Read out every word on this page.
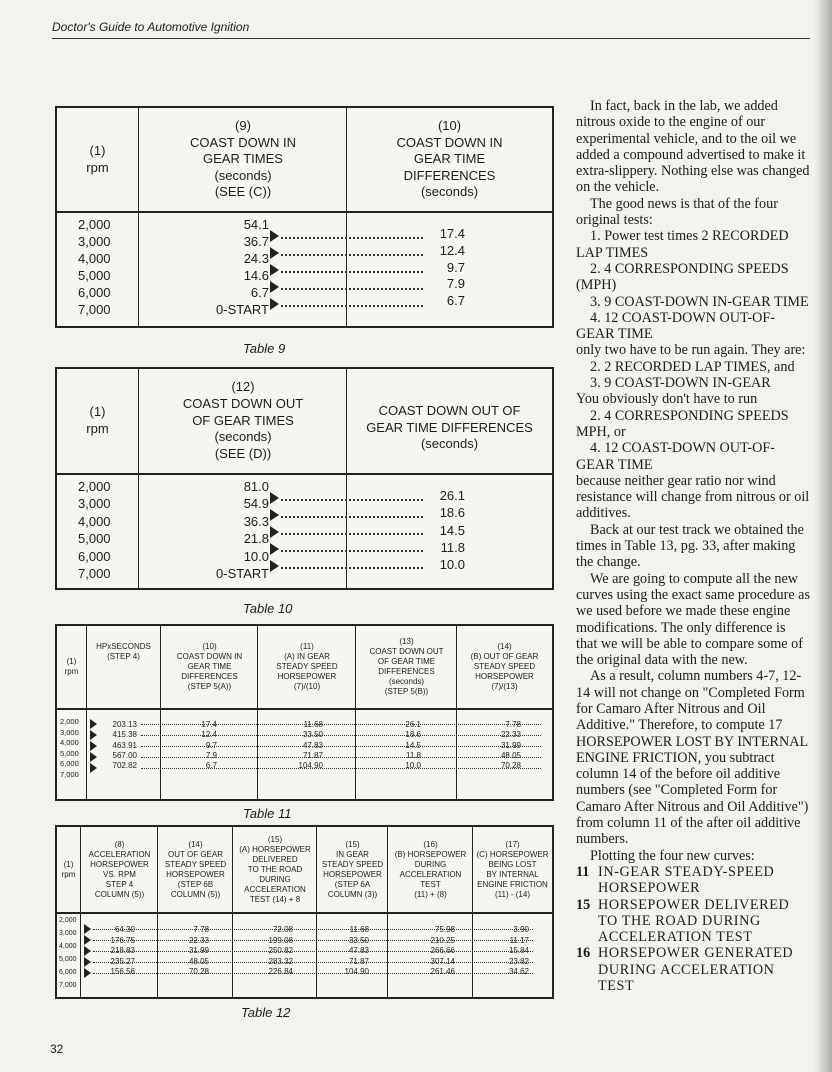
Doctor's Guide to Automotive Ignition
(1)
rpm
(9)
COAST DOWN IN
GEAR TIMES
(seconds)
(SEE (C))
(10)
COAST DOWN IN
GEAR TIME
DIFFERENCES
(seconds)
2,000
3,000
4,000
5,000
6,000
7,000
54.1
36.7
24.3
14.6
6.7
0-START
17.4
12.4
9.7
7.9
6.7
Table 9
(1)
rpm
(12)
COAST DOWN OUT
OF GEAR TIMES
(seconds)
(SEE (D))
COAST DOWN OUT OF
GEAR TIME DIFFERENCES
(seconds)
2,000
3,000
4,000
5,000
6,000
7,000
81.0
54.9
36.3
21.8
10.0
0-START
26.1
18.6
14.5
11.8
10.0
Table 10
(1)
rpm
HPxSECONDS
(STEP 4)
(10)
COAST DOWN IN
GEAR TIME
DIFFERENCES
(STEP 5(A))
(11)
(A) IN GEAR
STEADY SPEED
HORSEPOWER
(7)/(10)
(13)
COAST DOWN OUT
OF GEAR TIME
DIFFERENCES
(seconds)
(STEP 5(B))
(14)
(B) OUT OF GEAR
STEADY SPEED
HORSEPOWER
(7)/(13)
2,000
3,000
4,000
5,000
6,000
7,000
203.13
415.38
463.91
567.00
702.82
17.4
12.4
9.7
7.9
6.7
11.68
33.50
47.83
71.87
104.90
26.1
18.6
14.5
11.8
10.0
7.78
22.33
31.99
48.05
70.28
Table 11
(1)
rpm
(8)
ACCELERATION
HORSEPOWER
VS. RPM
STEP 4
COLUMN (5))
(14)
OUT OF GEAR
STEADY SPEED
HORSEPOWER
(STEP 6B
COLUMN (5))
(15)
(A) HORSEPOWER
DELIVERED
TO THE ROAD
DURING
ACCELERATION
TEST (14) + 8
(15)
IN GEAR
STEADY SPEED
HORSEPOWER
(STEP 6A
COLUMN (3))
(16)
(B) HORSEPOWER
DURING
ACCELERATION
TEST
(11) + (8)
(17)
(C) HORSEPOWER
BEING LOST
BY INTERNAL
ENGINE FRICTION
(11) - (14)
2,000
3,000
4,000
5,000
6,000
7,000
64.30
176.75
218.83
235.27
156.56
7.78
22.33
31.99
48.05
70.28
72.08
199.08
250.82
283.32
226.84
11.68
33.50
47.83
71.87
104.90
75.98
210.25
266.66
307.14
261.46
3.90
11.17
15.84
23.82
34.62
Table 12

In fact, back in the lab, we added nitrous oxide to the engine of our experimental vehicle, and to the oil we added a compound advertised to make it extra-slippery. Nothing else was changed on the vehicle.

The good news is that of the four original tests:

1. Power test times 2 RECORDED LAP TIMES

2. 4 CORRESPONDING SPEEDS (MPH)

3. 9 COAST-DOWN IN-GEAR TIME

4. 12 COAST-DOWN OUT-OF-GEAR TIME

only two have to be run again. They are:

2. 2 RECORDED LAP TIMES, and

3. 9 COAST-DOWN IN-GEAR

You obviously don't have to run

2. 4 CORRESPONDING SPEEDS MPH, or

4. 12 COAST-DOWN OUT-OF-GEAR TIME

because neither gear ratio nor wind resistance will change from nitrous or oil additives.

Back at our test track we obtained the times in Table 13, pg. 33, after making the change.

We are going to compute all the new curves using the exact same procedure as we used before we made these engine modifications. The only difference is that we will be able to compare some of the original data with the new.

As a result, column numbers 4-7, 12-14 will not change on "Completed Form for Camaro After Nitrous and Oil Additive." Therefore, to compute 17 HORSEPOWER LOST BY INTERNAL ENGINE FRICTION, you subtract column 14 of the before oil additive numbers (see "Completed Form for Camaro After Nitrous and Oil Additive") from column 11 of the after oil additive numbers.

Plotting the four new curves:

11 IN-GEAR STEADY-SPEED HORSEPOWER
15 HORSEPOWER DELIVERED TO THE ROAD DURING ACCELERATION TEST
16 HORSEPOWER GENERATED DURING ACCELERATION TEST
32
